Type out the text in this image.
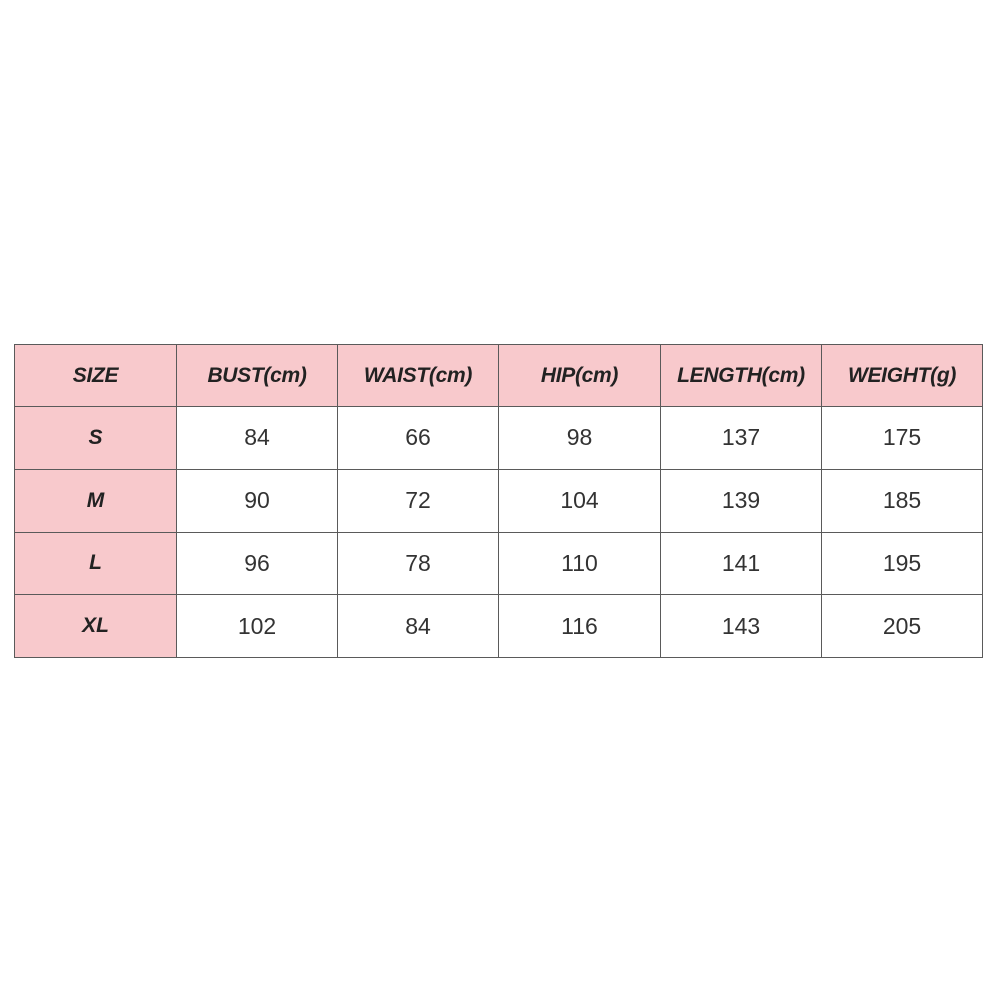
SIZE	BUST(cm)	WAIST(cm)	HIP(cm)	LENGTH(cm)	WEIGHT(g)
S	84	66	98	137	175
M	90	72	104	139	185
L	96	78	110	141	195
XL	102	84	116	143	205
